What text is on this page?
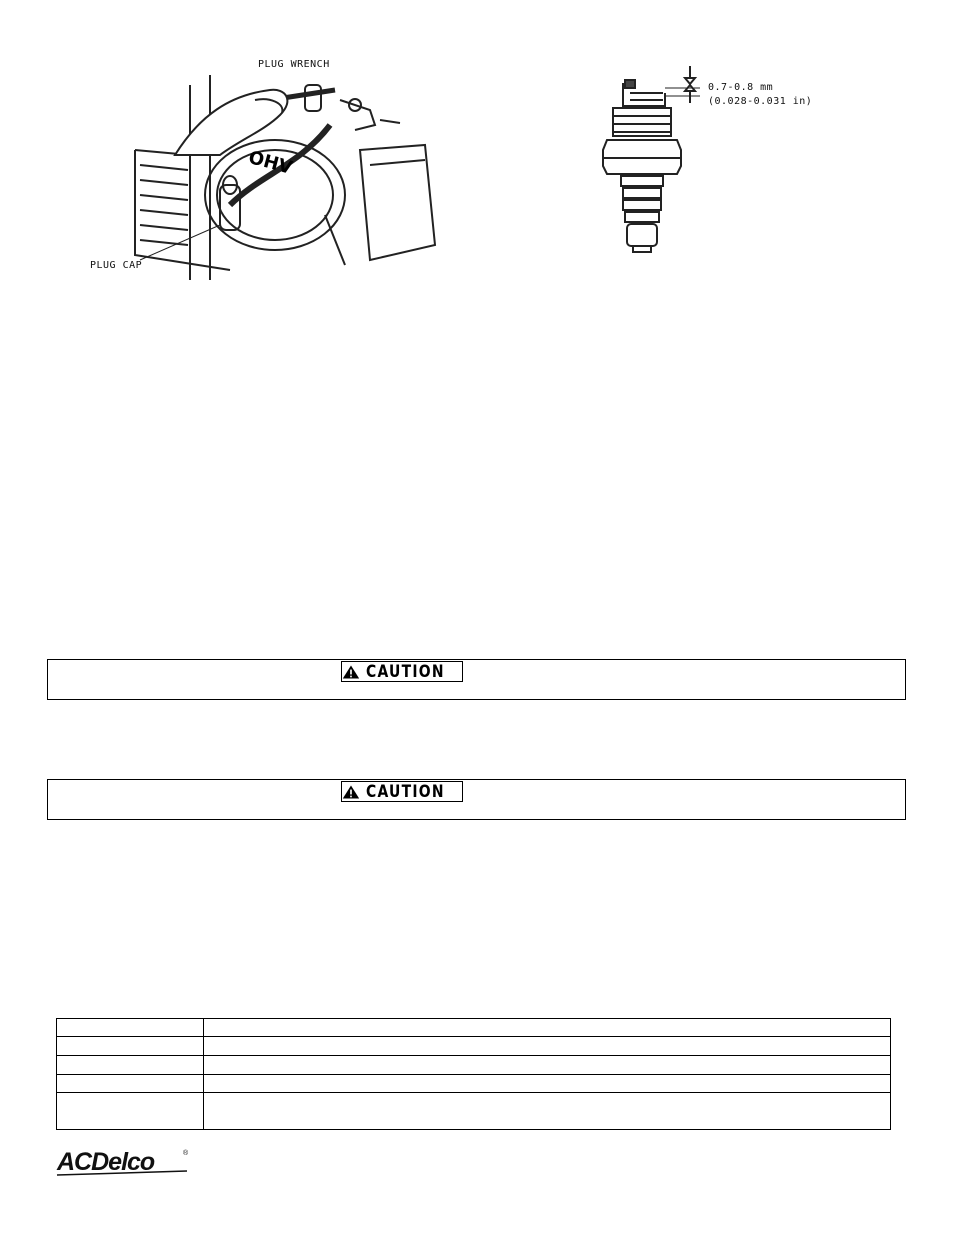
OHV
PLUG WRENCH
PLUG CAP
0.7-0.8 mm
(0.028-0.031 in)
CAUTION
CAUTION

ACDelco	®
